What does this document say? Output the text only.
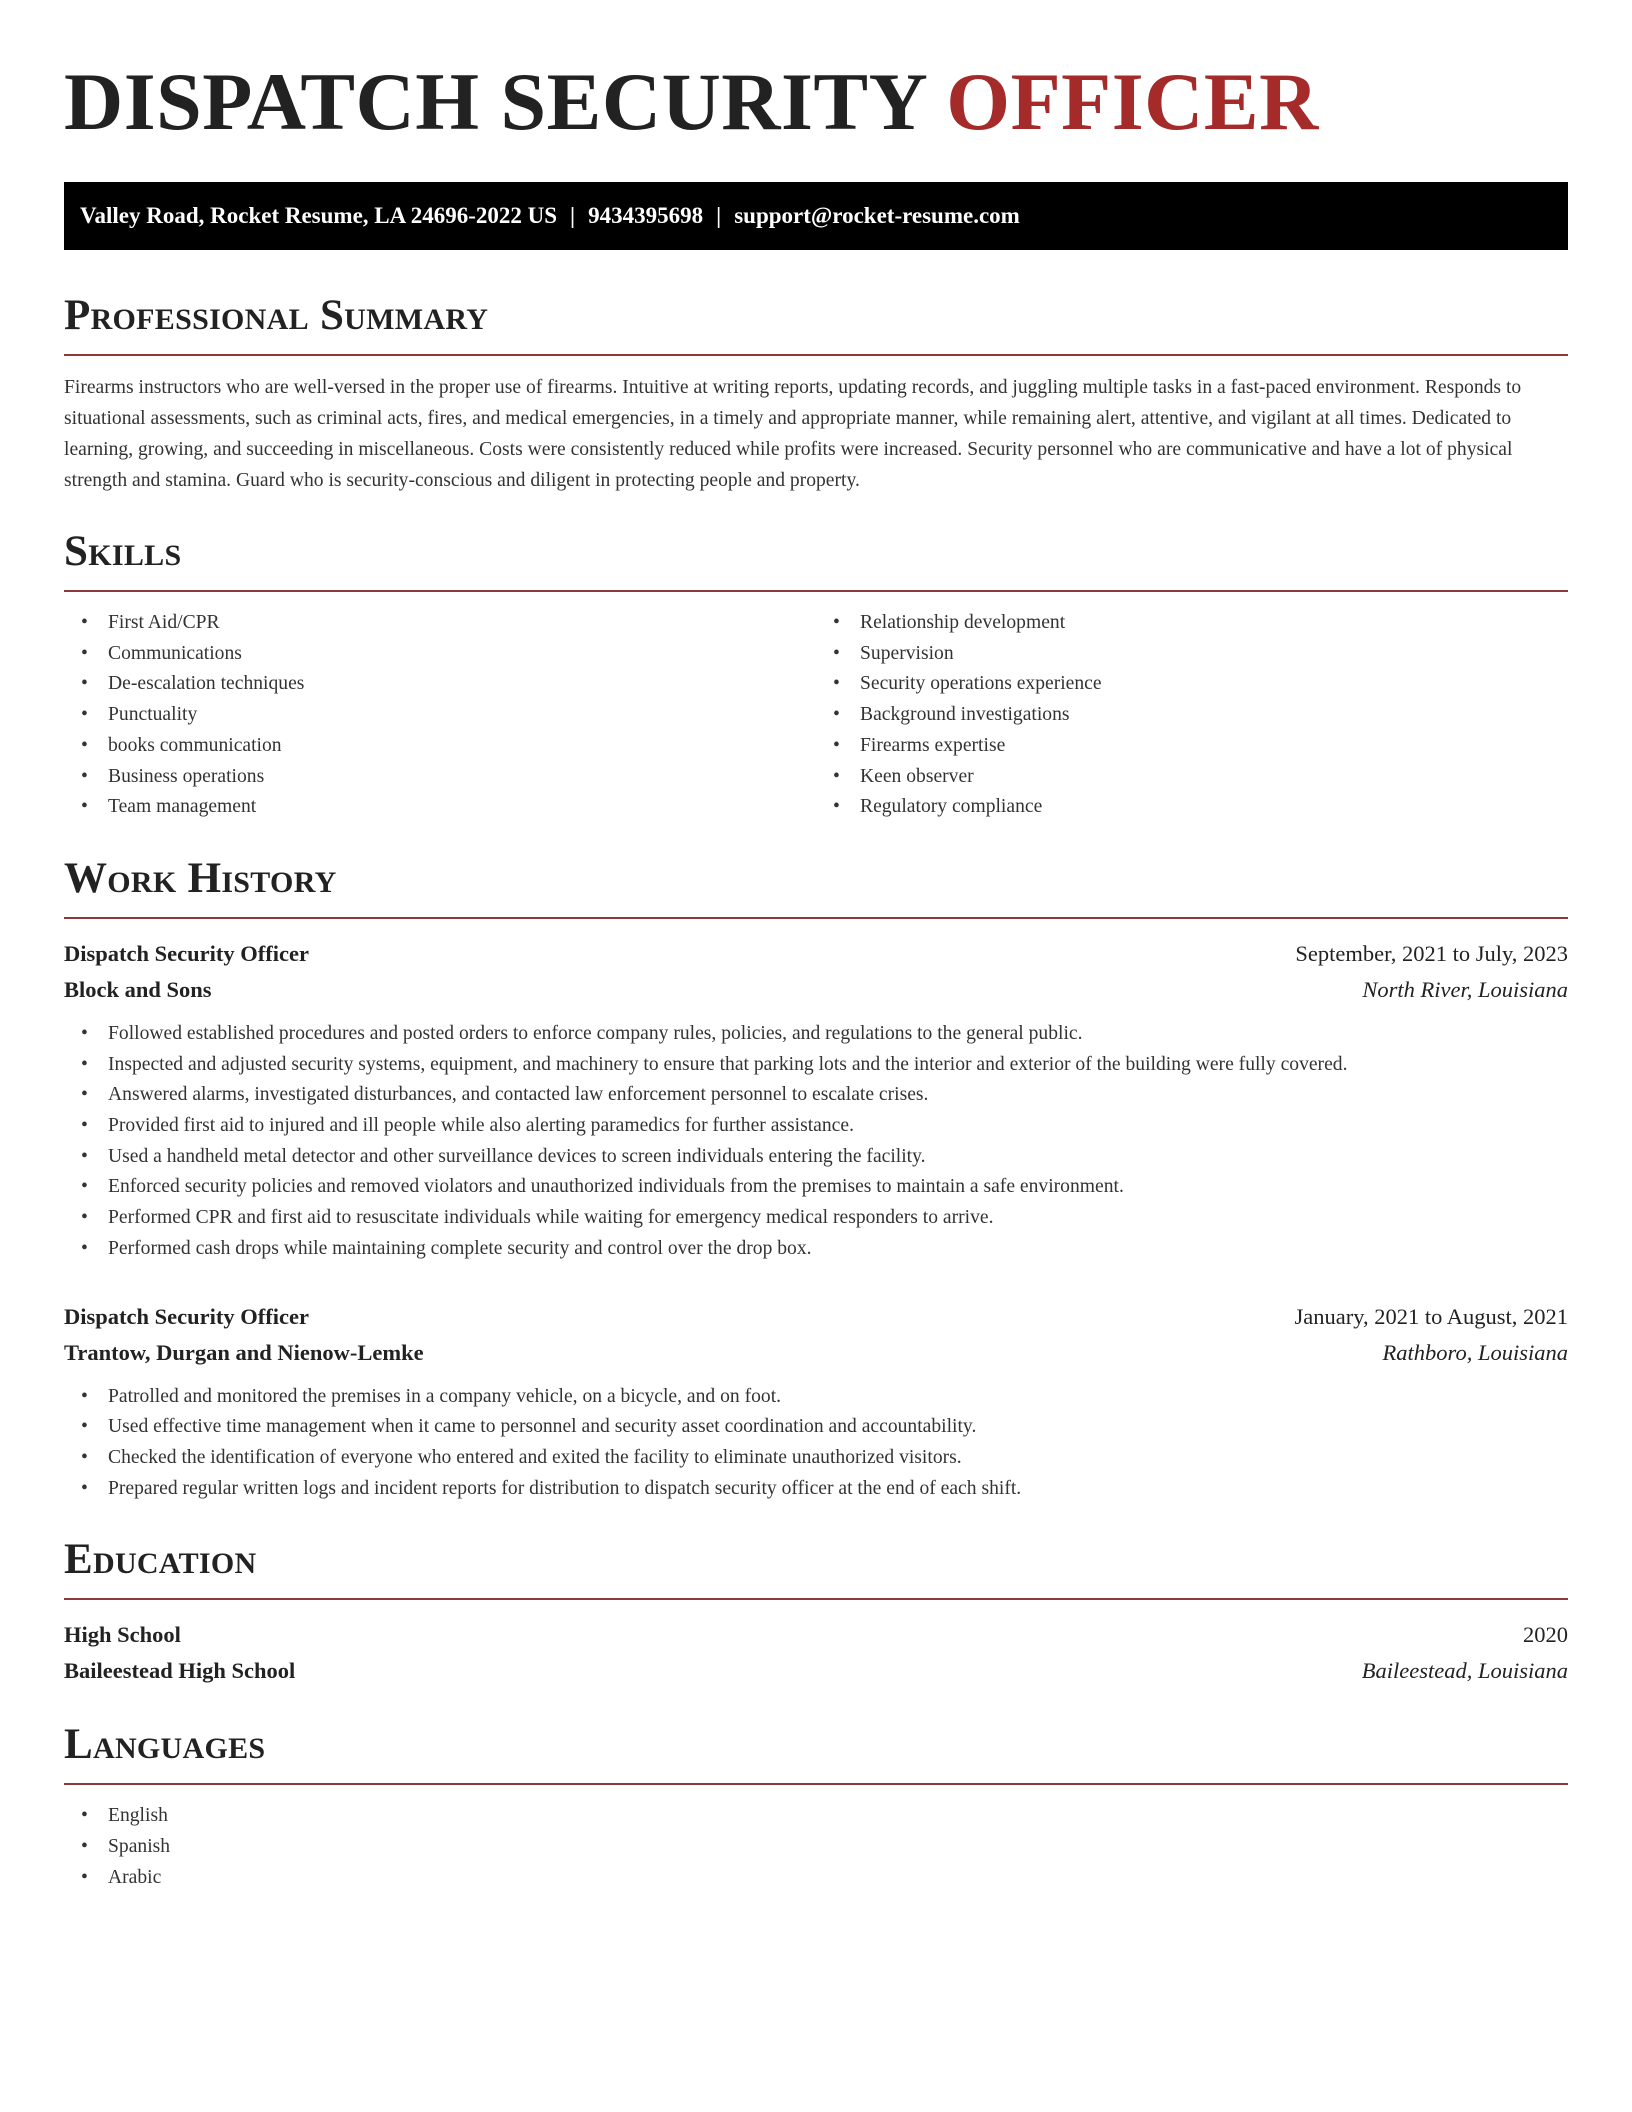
DISPATCH SECURITY OFFICER
Valley Road, Rocket Resume, LA 24696-2022 US | 9434395698 | support@rocket-resume.com
Professional Summary

Firearms instructors who are well-versed in the proper use of firearms. Intuitive at writing reports, updating records, and juggling multiple tasks in a fast-paced environment. Responds to situational assessments, such as criminal acts, fires, and medical emergencies, in a timely and appropriate manner, while remaining alert, attentive, and vigilant at all times. Dedicated to learning, growing, and succeeding in miscellaneous. Costs were consistently reduced while profits were increased. Security personnel who are communicative and have a lot of physical strength and stamina. Guard who is security-conscious and diligent in protecting people and property.

Skills
• First Aid/CPR
• Communications
• De-escalation techniques
• Punctuality
• books communication
• Business operations
• Team management
• Relationship development
• Supervision
• Security operations experience
• Background investigations
• Firearms expertise
• Keen observer
• Regulatory compliance
Work History
Dispatch Security Officer	September, 2021 to July, 2023
Block and Sons	North River, Louisiana
• Followed established procedures and posted orders to enforce company rules, policies, and regulations to the general public.
• Inspected and adjusted security systems, equipment, and machinery to ensure that parking lots and the interior and exterior of the building were fully covered.
• Answered alarms, investigated disturbances, and contacted law enforcement personnel to escalate crises.
• Provided first aid to injured and ill people while also alerting paramedics for further assistance.
• Used a handheld metal detector and other surveillance devices to screen individuals entering the facility.
• Enforced security policies and removed violators and unauthorized individuals from the premises to maintain a safe environment.
• Performed CPR and first aid to resuscitate individuals while waiting for emergency medical responders to arrive.
• Performed cash drops while maintaining complete security and control over the drop box.
Dispatch Security Officer	January, 2021 to August, 2021
Trantow, Durgan and Nienow-Lemke	Rathboro, Louisiana
• Patrolled and monitored the premises in a company vehicle, on a bicycle, and on foot.
• Used effective time management when it came to personnel and security asset coordination and accountability.
• Checked the identification of everyone who entered and exited the facility to eliminate unauthorized visitors.
• Prepared regular written logs and incident reports for distribution to dispatch security officer at the end of each shift.
Education
High School	2020
Baileestead High School	Baileestead, Louisiana
Languages
• English
• Spanish
• Arabic
